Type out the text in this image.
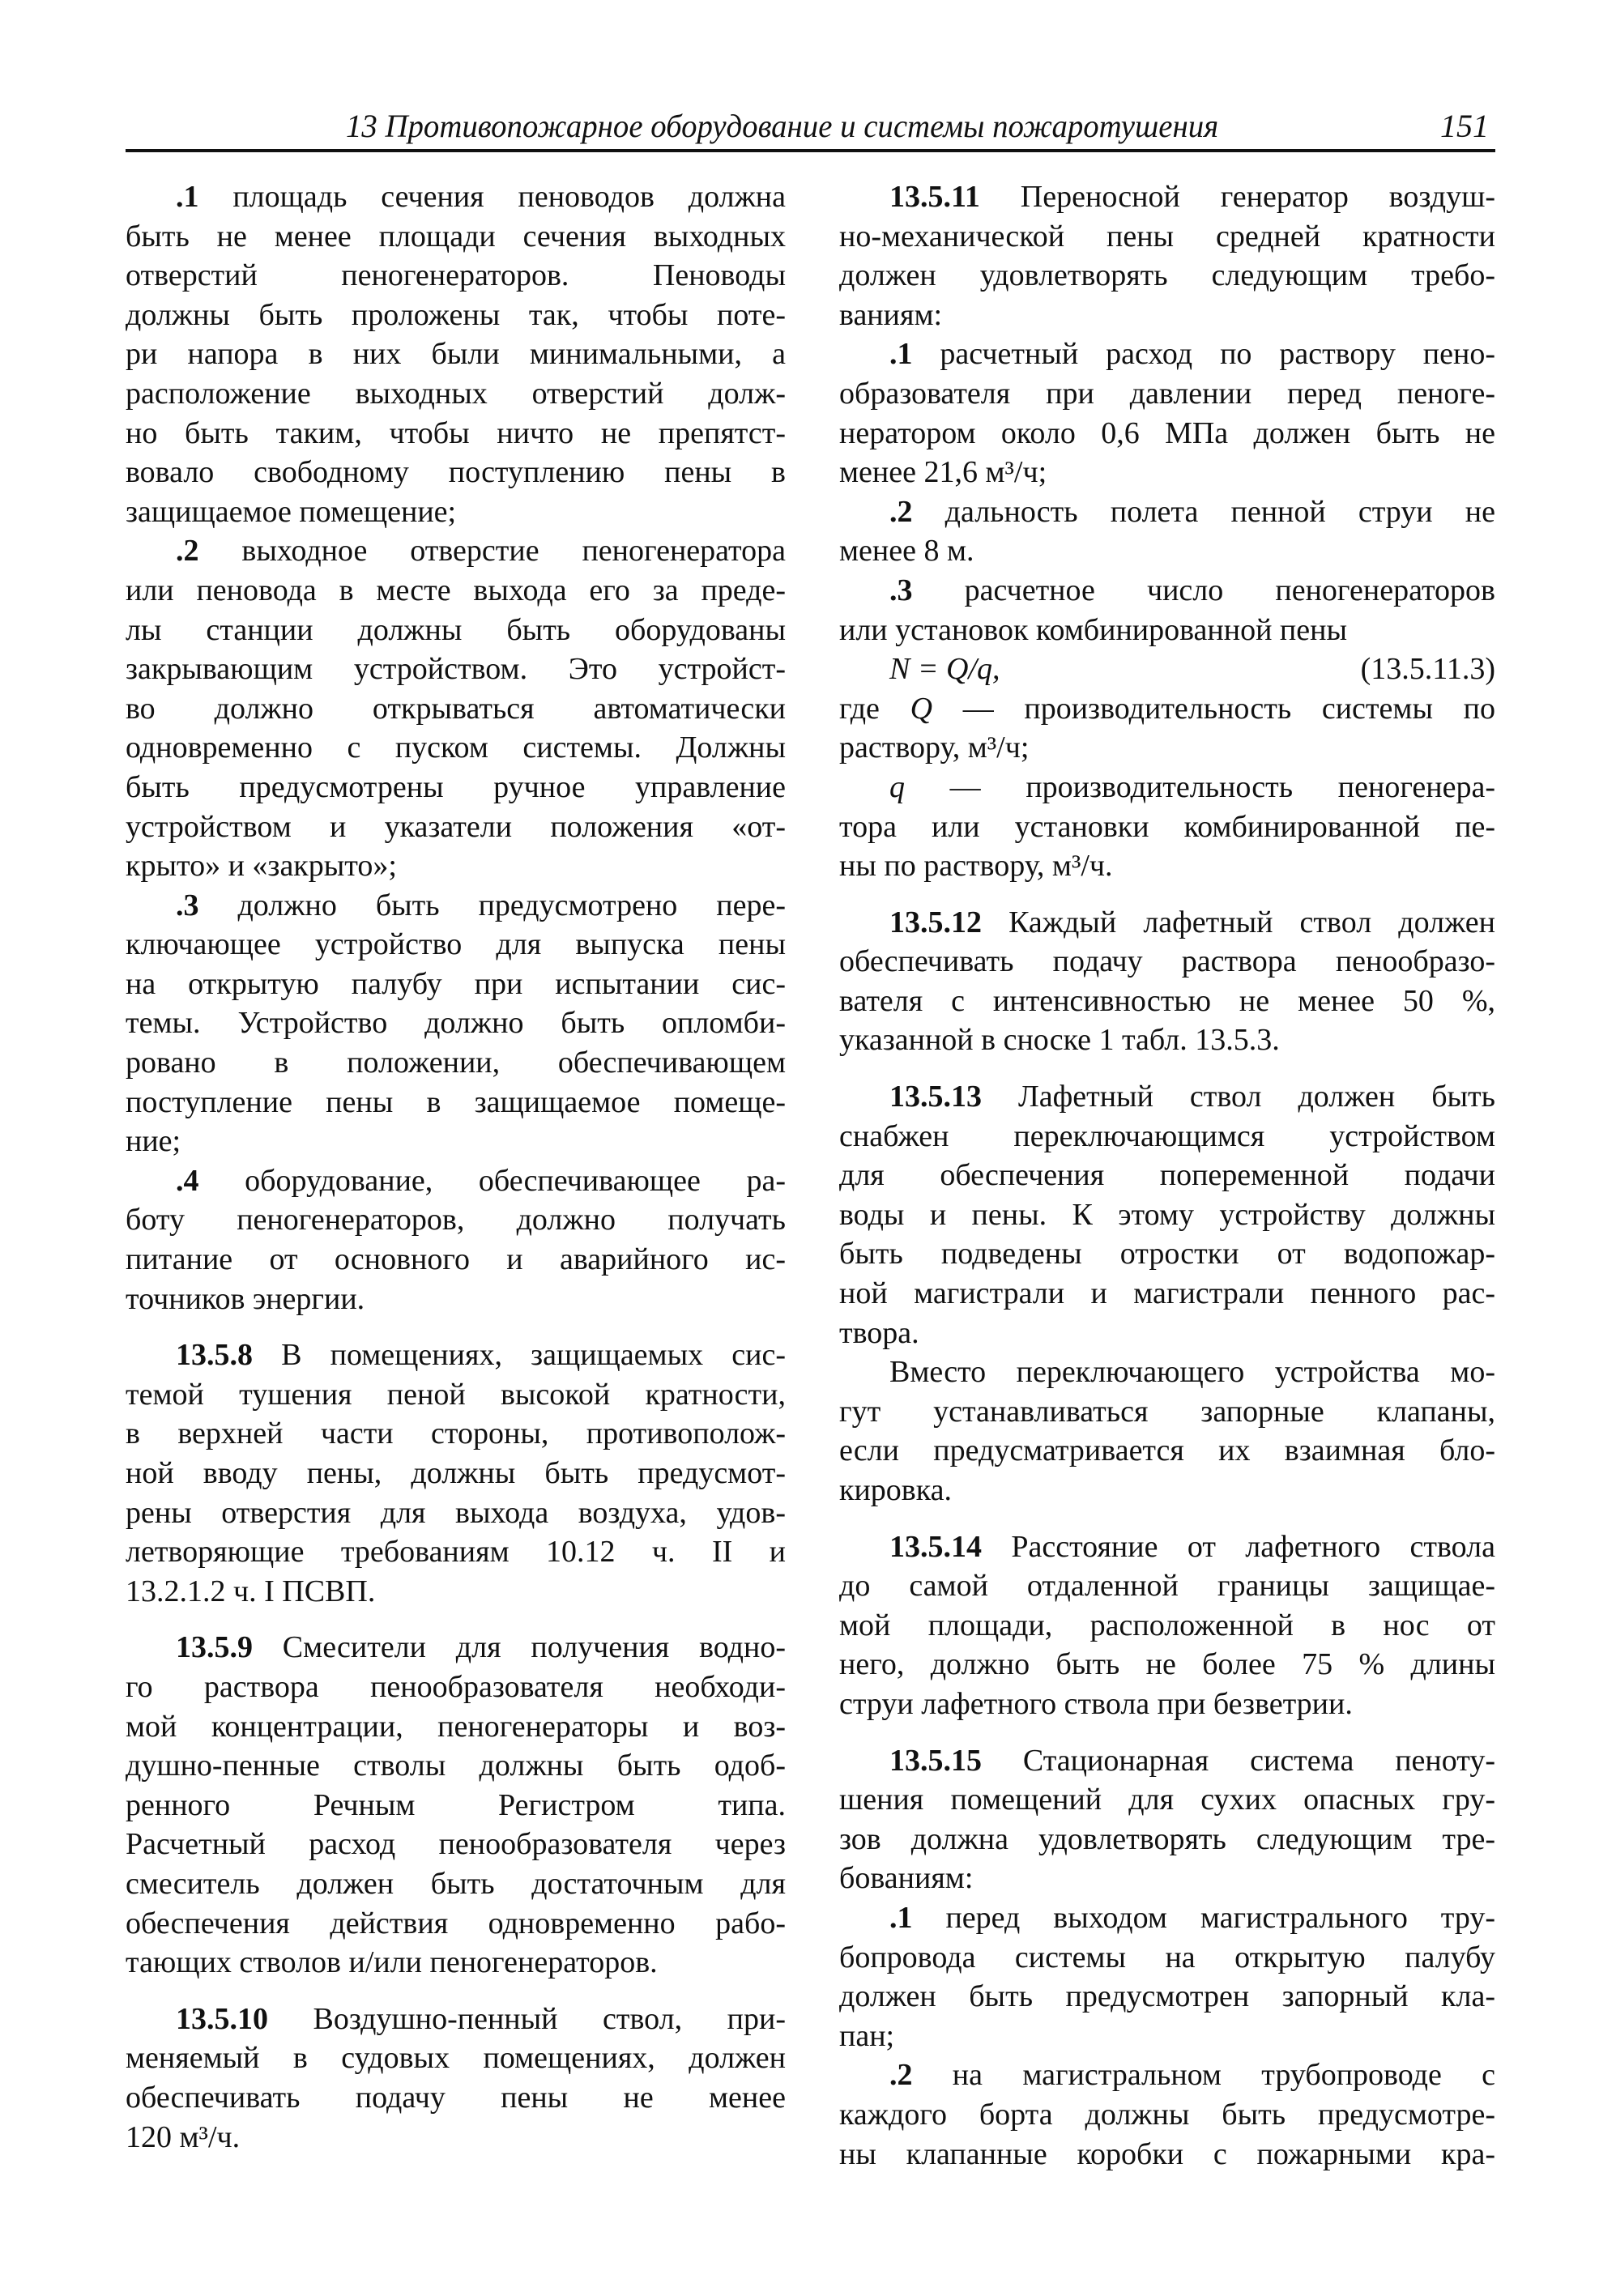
13 Противопожарное оборудование и системы пожаротушения	151
.1 площадь сечения пеноводов должна
быть не менее площади сечения выходных
отверстий пеногенераторов. Пеноводы
должны быть проложены так, чтобы поте-
ри напора в них были минимальными, а
расположение выходных отверстий долж-
но быть таким, чтобы ничто не препятст-
вовало свободному поступлению пены в
защищаемое помещение;
.2 выходное отверстие пеногенератора
или пеновода в месте выхода его за преде-
лы станции должны быть оборудованы
закрывающим устройством. Это устройст-
во должно открываться автоматически
одновременно с пуском системы. Должны
быть предусмотрены ручное управление
устройством и указатели положения «от-
крыто» и «закрыто»;
.3 должно быть предусмотрено пере-
ключающее устройство для выпуска пены
на открытую палубу при испытании сис-
темы. Устройство должно быть опломби-
ровано в положении, обеспечивающем
поступление пены в защищаемое помеще-
ние;
.4 оборудование, обеспечивающее ра-
боту пеногенераторов, должно получать
питание от основного и аварийного ис-
точников энергии.
13.5.8 В помещениях, защищаемых сис-
темой тушения пеной высокой кратности,
в верхней части стороны, противополож-
ной вводу пены, должны быть предусмот-
рены отверстия для выхода воздуха, удов-
летворяющие требованиям 10.12 ч. II и
13.2.1.2 ч. I ПСВП.
13.5.9 Смесители для получения водно-
го раствора пенообразователя необходи-
мой концентрации, пеногенераторы и воз-
душно-пенные стволы должны быть одоб-
ренного Речным Регистром типа.
Расчетный расход пенообразователя через
смеситель должен быть достаточным для
обеспечения действия одновременно рабо-
тающих стволов и/или пеногенераторов.
13.5.10 Воздушно-пенный ствол, при-
меняемый в судовых помещениях, должен
обеспечивать подачу пены не менее
120 м³/ч.
13.5.11 Переносной генератор воздуш-
но-механической пены средней кратности
должен удовлетворять следующим требо-
ваниям:
.1 расчетный расход по раствору пено-
образователя при давлении перед пеноге-
нератором около 0,6 МПа должен быть не
менее 21,6 м³/ч;
.2 дальность полета пенной струи не
менее 8 м.
.3 расчетное число пеногенераторов
или установок комбинированной пены
N = Q/q,	(13.5.11.3)
где Q — производительность системы по
раствору, м³/ч;
q — производительность пеногенера-
тора или установки комбинированной пе-
ны по раствору, м³/ч.
13.5.12 Каждый лафетный ствол должен
обеспечивать подачу раствора пенообразо-
вателя с интенсивностью не менее 50 %,
указанной в сноске 1 табл. 13.5.3.
13.5.13 Лафетный ствол должен быть
снабжен переключающимся устройством
для обеспечения попеременной подачи
воды и пены. К этому устройству должны
быть подведены отростки от водопожар-
ной магистрали и магистрали пенного рас-
твора.
Вместо переключающего устройства мо-
гут устанавливаться запорные клапаны,
если предусматривается их взаимная бло-
кировка.
13.5.14 Расстояние от лафетного ствола
до самой отдаленной границы защищае-
мой площади, расположенной в нос от
него, должно быть не более 75 % длины
струи лафетного ствола при безветрии.
13.5.15 Стационарная система пеноту-
шения помещений для сухих опасных гру-
зов должна удовлетворять следующим тре-
бованиям:
.1 перед выходом магистрального тру-
бопровода системы на открытую палубу
должен быть предусмотрен запорный кла-
пан;
.2 на магистральном трубопроводе с
каждого борта должны быть предусмотре-
ны клапанные коробки с пожарными кра-
